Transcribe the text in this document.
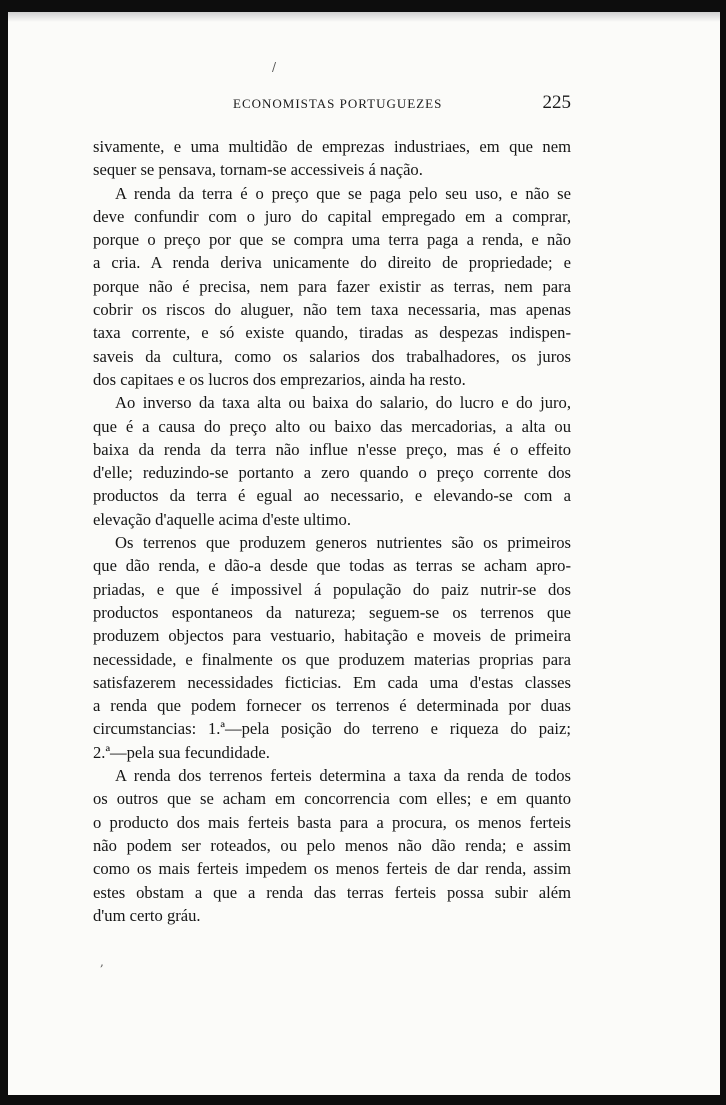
ECONOMISTAS PORTUGUEZES	225
sivamente, e uma multidão de emprezas industriaes, em que nem
sequer se pensava, tornam-se accessiveis á nação.
A renda da terra é o preço que se paga pelo seu uso, e não se
deve confundir com o juro do capital empregado em a comprar,
porque o preço por que se compra uma terra paga a renda, e não
a cria. A renda deriva unicamente do direito de propriedade; e
porque não é precisa, nem para fazer existir as terras, nem para
cobrir os riscos do aluguer, não tem taxa necessaria, mas apenas
taxa corrente, e só existe quando, tiradas as despezas indispen-
saveis da cultura, como os salarios dos trabalhadores, os juros
dos capitaes e os lucros dos emprezarios, ainda ha resto.
Ao inverso da taxa alta ou baixa do salario, do lucro e do juro,
que é a causa do preço alto ou baixo das mercadorias, a alta ou
baixa da renda da terra não influe n'esse preço, mas é o effeito
d'elle; reduzindo-se portanto a zero quando o preço corrente dos
productos da terra é egual ao necessario, e elevando-se com a
elevação d'aquelle acima d'este ultimo.
Os terrenos que produzem generos nutrientes são os primeiros
que dão renda, e dão-a desde que todas as terras se acham apro-
priadas, e que é impossivel á população do paiz nutrir-se dos
productos espontaneos da natureza; seguem-se os terrenos que
produzem objectos para vestuario, habitação e moveis de primeira
necessidade, e finalmente os que produzem materias proprias para
satisfazerem necessidades ficticias. Em cada uma d'estas classes
a renda que podem fornecer os terrenos é determinada por duas
circumstancias: 1.ª—pela posição do terreno e riqueza do paiz;
2.ª—pela sua fecundidade.
A renda dos terrenos ferteis determina a taxa da renda de todos
os outros que se acham em concorrencia com elles; e em quanto
o producto dos mais ferteis basta para a procura, os menos ferteis
não podem ser roteados, ou pelo menos não dão renda; e assim
como os mais ferteis impedem os menos ferteis de dar renda, assim
estes obstam a que a renda das terras ferteis possa subir além
d'um certo gráu.
/
,
